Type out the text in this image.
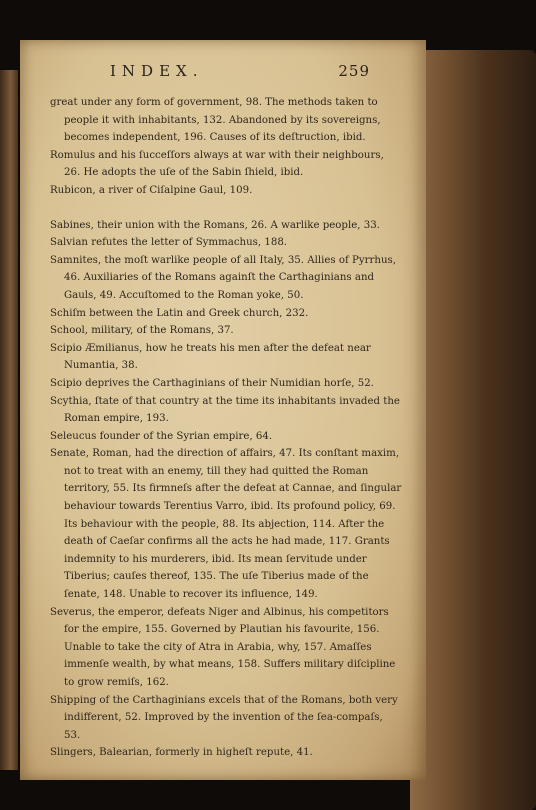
INDEX.	259

great under any form of government, 98. The methods taken to people it with inhabitants, 132. Abandoned by its sovereigns, becomes independent, 196. Causes of its deſtruction, ibid.

Romulus and his ſucceſſors always at war with their neighbours, 26. He adopts the uſe of the Sabin ſhield, ibid.

Rubicon, a river of Ciſalpine Gaul, 109.

Sabines, their union with the Romans, 26. A warlike people, 33.

Salvian refutes the letter of Symmachus, 188.

Samnites, the moſt warlike people of all Italy, 35. Allies of Pyrrhus, 46. Auxiliaries of the Romans againſt the Carthaginians and Gauls, 49. Accuſtomed to the Roman yoke, 50.

Schiſm between the Latin and Greek church, 232.

School, military, of the Romans, 37.

Scipio Æmilianus, how he treats his men after the defeat near Numantia, 38.

Scipio deprives the Carthaginians of their Numidian horſe, 52.

Scythia, ſtate of that country at the time its inhabitants invaded the Roman empire, 193.

Seleucus founder of the Syrian empire, 64.

Senate, Roman, had the direction of affairs, 47. Its conſtant maxim, not to treat with an enemy, till they had quitted the Roman territory, 55. Its firmneſs after the defeat at Cannae, and ſingular behaviour towards Terentius Varro, ibid. Its profound policy, 69. Its behaviour with the people, 88. Its abjection, 114. After the death of Caeſar confirms all the acts he had made, 117. Grants indemnity to his murderers, ibid. Its mean ſervitude under Tiberius; cauſes thereof, 135. The uſe Tiberius made of the ſenate, 148. Unable to recover its influence, 149.

Severus, the emperor, defeats Niger and Albinus, his competitors for the empire, 155. Governed by Plautian his favourite, 156. Unable to take the city of Atra in Arabia, why, 157. Amaſſes immenſe wealth, by what means, 158. Suffers military diſcipline to grow remiſs, 162.

Shipping of the Carthaginians excels that of the Romans, both very indifferent, 52. Improved by the invention of the ſea-compaſs, 53.

Slingers, Balearian, formerly in higheſt repute, 41.
